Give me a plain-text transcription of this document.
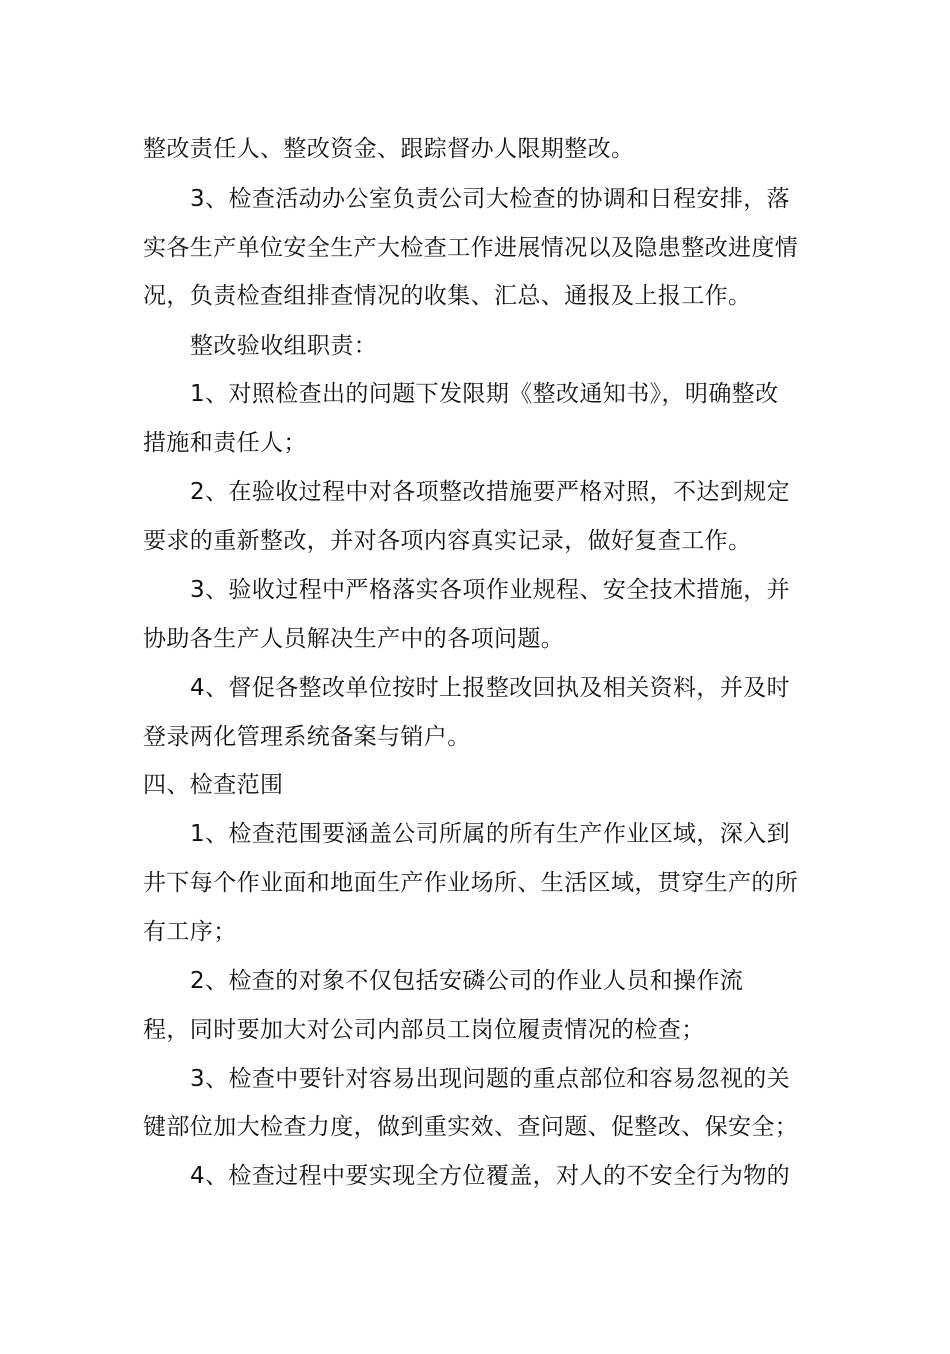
整改责任人、整改资金、跟踪督办人限期整改。
3、检查活动办公室负责公司大检查的协调和日程安排，落
实各生产单位安全生产大检查工作进展情况以及隐患整改进度情
况，负责检查组排查情况的收集、汇总、通报及上报工作。
整改验收组职责：
1、对照检查出的问题下发限期《整改通知书》，明确整改
措施和责任人；
2、在验收过程中对各项整改措施要严格对照，不达到规定
要求的重新整改，并对各项内容真实记录，做好复查工作。
3、验收过程中严格落实各项作业规程、安全技术措施，并
协助各生产人员解决生产中的各项问题。
4、督促各整改单位按时上报整改回执及相关资料，并及时
登录两化管理系统备案与销户。
四、检查范围
1、检查范围要涵盖公司所属的所有生产作业区域，深入到
井下每个作业面和地面生产作业场所、生活区域，贯穿生产的所
有工序；
2、检查的对象不仅包括安磷公司的作业人员和操作流
程，同时要加大对公司内部员工岗位履责情况的检查；
3、检查中要针对容易出现问题的重点部位和容易忽视的关
键部位加大检查力度，做到重实效、查问题、促整改、保安全；
4、检查过程中要实现全方位覆盖，对人的不安全行为物的
